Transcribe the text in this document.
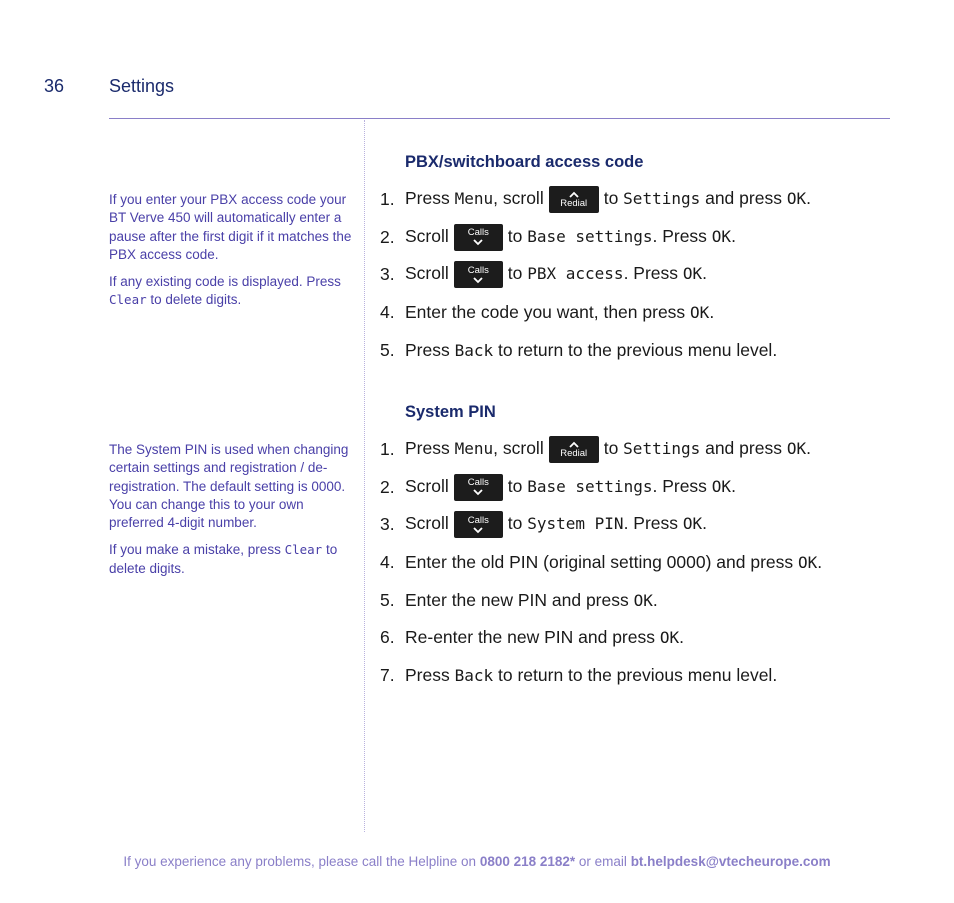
36 Settings

If you enter your PBX access code your BT Verve 450 will automatically enter a pause after the first digit if it matches the PBX access code.

If any existing code is displayed. Press Clear to delete digits.

PBX/switchboard access code
1. Press Menu, scroll Redial to Settings and press OK.
2. Scroll Calls to Base settings. Press OK.
3. Scroll Calls to PBX access. Press OK.
4. Enter the code you want, then press OK.
5. Press Back to return to the previous menu level.

The System PIN is used when changing certain settings and registration / de-registration. The default setting is 0000. You can change this to your own preferred 4-digit number.

If you make a mistake, press Clear to delete digits.

System PIN
1. Press Menu, scroll Redial to Settings and press OK.
2. Scroll Calls to Base settings. Press OK.
3. Scroll Calls to System PIN. Press OK.
4. Enter the old PIN (original setting 0000) and press OK.
5. Enter the new PIN and press OK.
6. Re-enter the new PIN and press OK.
7. Press Back to return to the previous menu level.
If you experience any problems, please call the Helpline on 0800 218 2182* or email bt.helpdesk@vtecheurope.com
